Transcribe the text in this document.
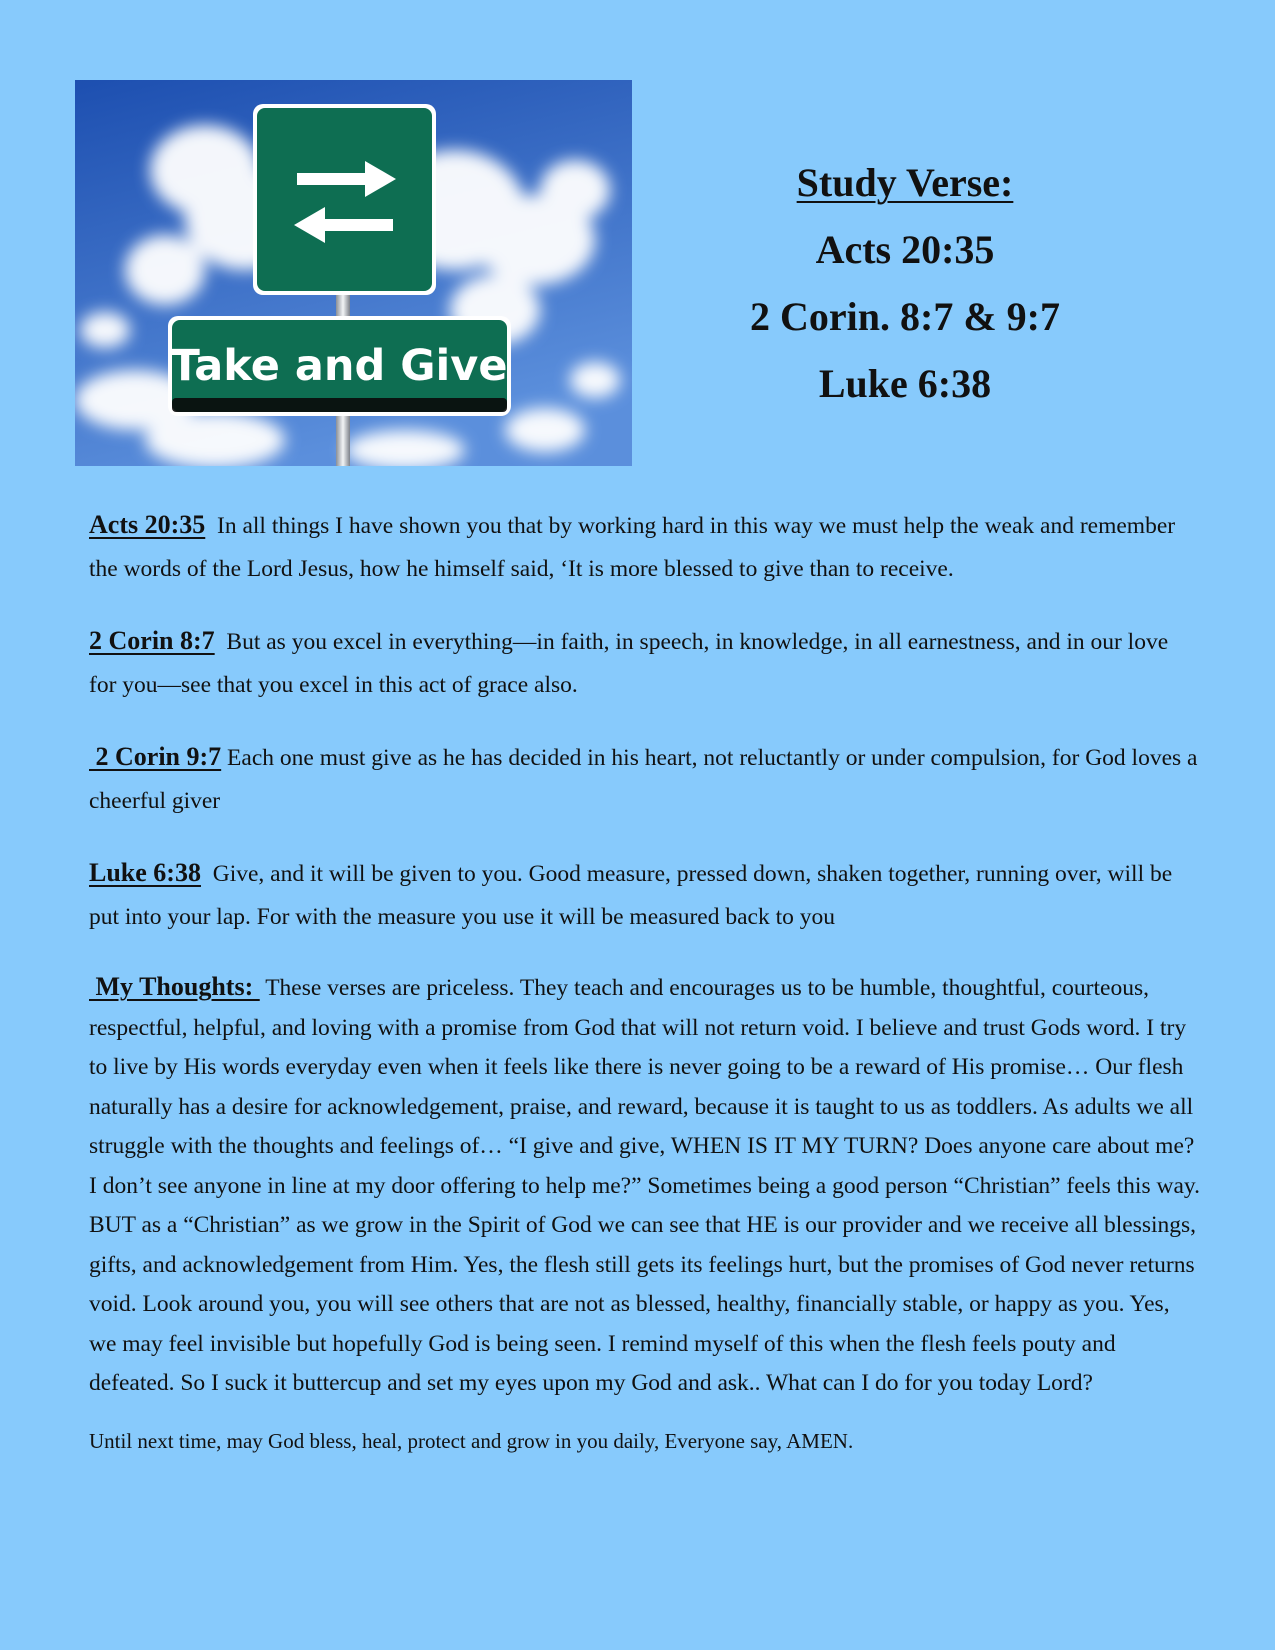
Take and Give
Study Verse:
Acts 20:35
2 Corin. 8:7 & 9:7
Luke 6:38

Acts 20:35 In all things I have shown you that by working hard in this way we must help the weak and remember the words of the Lord Jesus, how he himself said, ‘It is more blessed to give than to receive.

2 Corin 8:7 But as you excel in everything—in faith, in speech, in knowledge, in all earnestness, and in our love for you—see that you excel in this act of grace also.

2 Corin 9:7 Each one must give as he has decided in his heart, not reluctantly or under compulsion, for God loves a cheerful giver

Luke 6:38 Give, and it will be given to you. Good measure, pressed down, shaken together, running over, will be put into your lap. For with the measure you use it will be measured back to you

My Thoughts:  These verses are priceless. They teach and encourages us to be humble, thoughtful, courteous, respectful, helpful, and loving with a promise from God that will not return void. I believe and trust Gods word. I try to live by His words everyday even when it feels like there is never going to be a reward of His promise… Our flesh naturally has a desire for acknowledgement, praise, and reward, because it is taught to us as toddlers. As adults we all struggle with the thoughts and feelings of… “I give and give, WHEN IS IT MY TURN? Does anyone care about me? I don’t see anyone in line at my door offering to help me?” Sometimes being a good person “Christian” feels this way. BUT as a “Christian” as we grow in the Spirit of God we can see that HE is our provider and we receive all blessings, gifts, and acknowledgement from Him. Yes, the flesh still gets its feelings hurt, but the promises of God never returns void. Look around you, you will see others that are not as blessed, healthy, financially stable, or happy as you. Yes, we may feel invisible but hopefully God is being seen. I remind myself of this when the flesh feels pouty and defeated. So I suck it buttercup and set my eyes upon my God and ask.. What can I do for you today Lord?

Until next time, may God bless, heal, protect and grow in you daily, Everyone say, AMEN.
